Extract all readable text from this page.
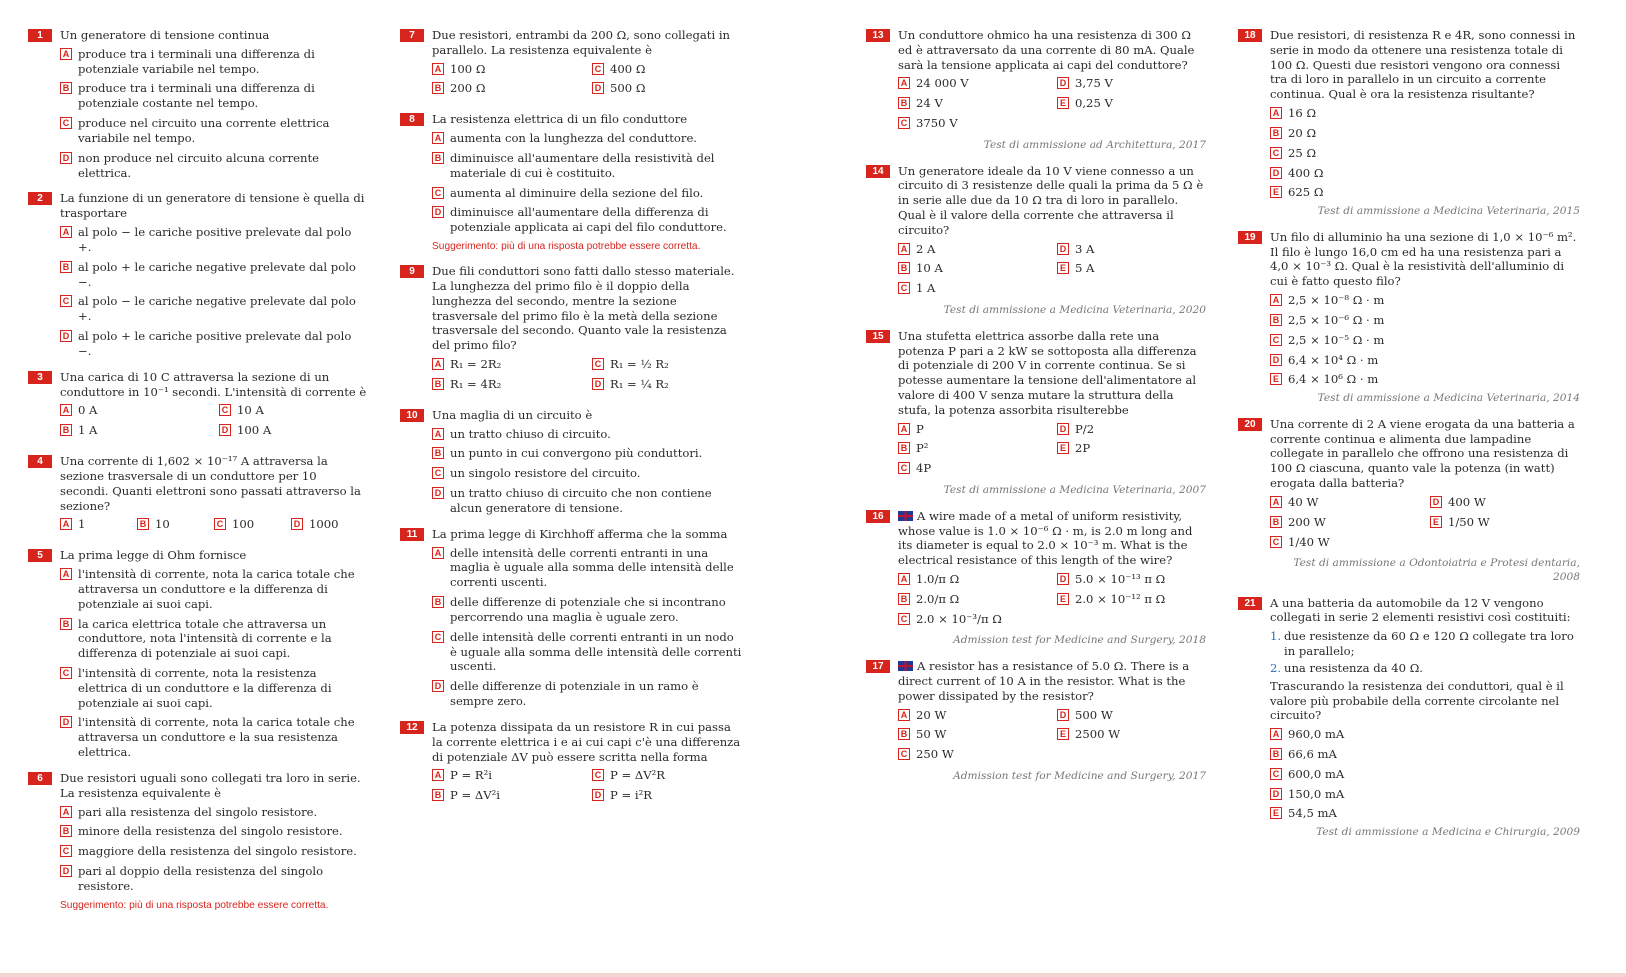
1	Un generatore di tensione continua
A produce tra i terminali una differenza di potenziale variabile nel tempo.
B produce tra i terminali una differenza di potenziale costante nel tempo.
C produce nel circuito una corrente elettrica variabile nel tempo.
D non produce nel circuito alcuna corrente elettrica.
2	La funzione di un generatore di tensione è quella di trasportare
A al polo − le cariche positive prelevate dal polo +.
B al polo + le cariche negative prelevate dal polo −.
C al polo − le cariche negative prelevate dal polo +.
D al polo + le cariche positive prelevate dal polo −.
3	Una carica di 10 C attraversa la sezione di un conduttore in 10⁻¹ secondi. L'intensità di corrente è
A 0 A	C 10 A
B 1 A	D 100 A
4	Una corrente di 1,602 × 10⁻¹⁷ A attraversa la sezione trasversale di un conduttore per 10 secondi. Quanti elettroni sono passati attraverso la sezione?
A 1	B 10	C 100	D 1000
5	La prima legge di Ohm fornisce
A l'intensità di corrente, nota la carica totale che attraversa un conduttore e la differenza di potenziale ai suoi capi.
B la carica elettrica totale che attraversa un conduttore, nota l'intensità di corrente e la differenza di potenziale ai suoi capi.
C l'intensità di corrente, nota la resistenza elettrica di un conduttore e la differenza di potenziale ai suoi capi.
D l'intensità di corrente, nota la carica totale che attraversa un conduttore e la sua resistenza elettrica.
6	Due resistori uguali sono collegati tra loro in serie. La resistenza equivalente è
A pari alla resistenza del singolo resistore.
B minore della resistenza del singolo resistore.
C maggiore della resistenza del singolo resistore.
D pari al doppio della resistenza del singolo resistore.
Suggerimento: più di una risposta potrebbe essere corretta.
7	Due resistori, entrambi da 200 Ω, sono collegati in parallelo. La resistenza equivalente è
A 100 Ω	C 400 Ω
B 200 Ω	D 500 Ω
8	La resistenza elettrica di un filo conduttore
A aumenta con la lunghezza del conduttore.
B diminuisce all'aumentare della resistività del materiale di cui è costituito.
C aumenta al diminuire della sezione del filo.
D diminuisce all'aumentare della differenza di potenziale applicata ai capi del filo conduttore.
Suggerimento: più di una risposta potrebbe essere corretta.
9	Due fili conduttori sono fatti dallo stesso materiale. La lunghezza del primo filo è il doppio della lunghezza del secondo, mentre la sezione trasversale del primo filo è la metà della sezione trasversale del secondo. Quanto vale la resistenza del primo filo?
A R₁ = 2R₂	C R₁ = ½ R₂
B R₁ = 4R₂	D R₁ = ¼ R₂
10	Una maglia di un circuito è
A un tratto chiuso di circuito.
B un punto in cui convergono più conduttori.
C un singolo resistore del circuito.
D un tratto chiuso di circuito che non contiene alcun generatore di tensione.
11	La prima legge di Kirchhoff afferma che la somma
A delle intensità delle correnti entranti in una maglia è uguale alla somma delle intensità delle correnti uscenti.
B delle differenze di potenziale che si incontrano percorrendo una maglia è uguale zero.
C delle intensità delle correnti entranti in un nodo è uguale alla somma delle intensità delle correnti uscenti.
D delle differenze di potenziale in un ramo è sempre zero.
12	La potenza dissipata da un resistore R in cui passa la corrente elettrica i e ai cui capi c'è una differenza di potenziale ΔV può essere scritta nella forma
A P = R²i	C P = ΔV²R
B P = ΔV²i	D P = i²R
13	Un conduttore ohmico ha una resistenza di 300 Ω ed è attraversato da una corrente di 80 mA. Quale sarà la tensione applicata ai capi del conduttore?
A 24 000 V	D 3,75 V
B 24 V	E 0,25 V
C 3750 V
Test di ammissione ad Architettura, 2017
14	Un generatore ideale da 10 V viene connesso a un circuito di 3 resistenze delle quali la prima da 5 Ω è in serie alle due da 10 Ω tra di loro in parallelo. Qual è il valore della corrente che attraversa il circuito?
A 2 A	D 3 A
B 10 A	E 5 A
C 1 A
Test di ammissione a Medicina Veterinaria, 2020
15	Una stufetta elettrica assorbe dalla rete una potenza P pari a 2 kW se sottoposta alla differenza di potenziale di 200 V in corrente continua. Se si potesse aumentare la tensione dell'alimentatore al valore di 400 V senza mutare la struttura della stufa, la potenza assorbita risulterebbe
A P	D P/2
B P²	E 2P
C 4P
Test di ammissione a Medicina Veterinaria, 2007
16	A wire made of a metal of uniform resistivity, whose value is 1.0 × 10⁻⁶ Ω · m, is 2.0 m long and its diameter is equal to 2.0 × 10⁻³ m. What is the electrical resistance of this length of the wire?
A 1.0/π Ω	D 5.0 × 10⁻¹³ π Ω
B 2.0/π Ω	E 2.0 × 10⁻¹² π Ω
C 2.0 × 10⁻³/π Ω
Admission test for Medicine and Surgery, 2018
17	A resistor has a resistance of 5.0 Ω. There is a direct current of 10 A in the resistor. What is the power dissipated by the resistor?
A 20 W	D 500 W
B 50 W	E 2500 W
C 250 W
Admission test for Medicine and Surgery, 2017
18	Due resistori, di resistenza R e 4R, sono connessi in serie in modo da ottenere una resistenza totale di 100 Ω. Questi due resistori vengono ora connessi tra di loro in parallelo in un circuito a corrente continua. Qual è ora la resistenza risultante?
A 16 Ω
B 20 Ω
C 25 Ω
D 400 Ω
E 625 Ω
Test di ammissione a Medicina Veterinaria, 2015
19	Un filo di alluminio ha una sezione di 1,0 × 10⁻⁶ m². Il filo è lungo 16,0 cm ed ha una resistenza pari a 4,0 × 10⁻³ Ω. Qual è la resistività dell'alluminio di cui è fatto questo filo?
A 2,5 × 10⁻⁸ Ω · m
B 2,5 × 10⁻⁶ Ω · m
C 2,5 × 10⁻⁵ Ω · m
D 6,4 × 10⁴ Ω · m
E 6,4 × 10⁶ Ω · m
Test di ammissione a Medicina Veterinaria, 2014
20	Una corrente di 2 A viene erogata da una batteria a corrente continua e alimenta due lampadine collegate in parallelo che offrono una resistenza di 100 Ω ciascuna, quanto vale la potenza (in watt) erogata dalla batteria?
A 40 W	D 400 W
B 200 W	E 1/50 W
C 1/40 W
Test di ammissione a Odontoiatria e Protesi dentaria, 2008
21	A una batteria da automobile da 12 V vengono collegati in serie 2 elementi resistivi così costituiti:
1. due resistenze da 60 Ω e 120 Ω collegate tra loro in parallelo;
2. una resistenza da 40 Ω.
Trascurando la resistenza dei conduttori, qual è il valore più probabile della corrente circolante nel circuito?
A 960,0 mA
B 66,6 mA
C 600,0 mA
D 150,0 mA
E 54,5 mA
Test di ammissione a Medicina e Chirurgia, 2009
